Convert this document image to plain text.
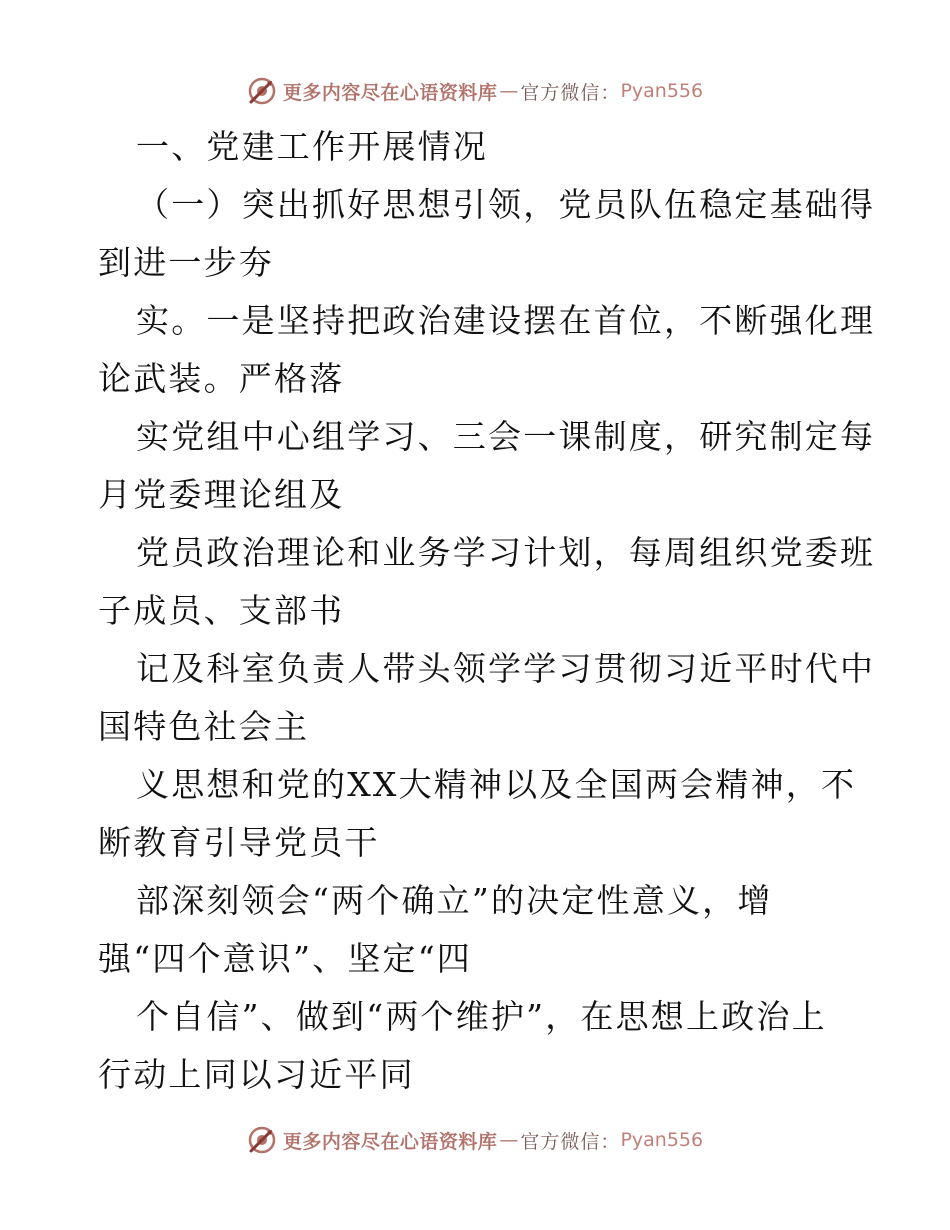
更多内容尽在心语资料库 — 官方微信： Pyan556
一、党建工作开展情况
（一）突出抓好思想引领，党员队伍稳定基础得
到进一步夯
实。一是坚持把政治建设摆在首位，不断强化理
论武装。严格落
实党组中心组学习、三会一课制度，研究制定每
月党委理论组及
党员政治理论和业务学习计划，每周组织党委班
子成员、支部书
记及科室负责人带头领学学习贯彻习近平时代中
国特色社会主
义思想和党的XX大精神以及全国两会精神，不
断教育引导党员干
部深刻领会“两个确立”的决定性意义，增
强“四个意识”、坚定“四
个自信”、做到“两个维护”，在思想上政治上
行动上同以习近平同
更多内容尽在心语资料库 — 官方微信： Pyan556
